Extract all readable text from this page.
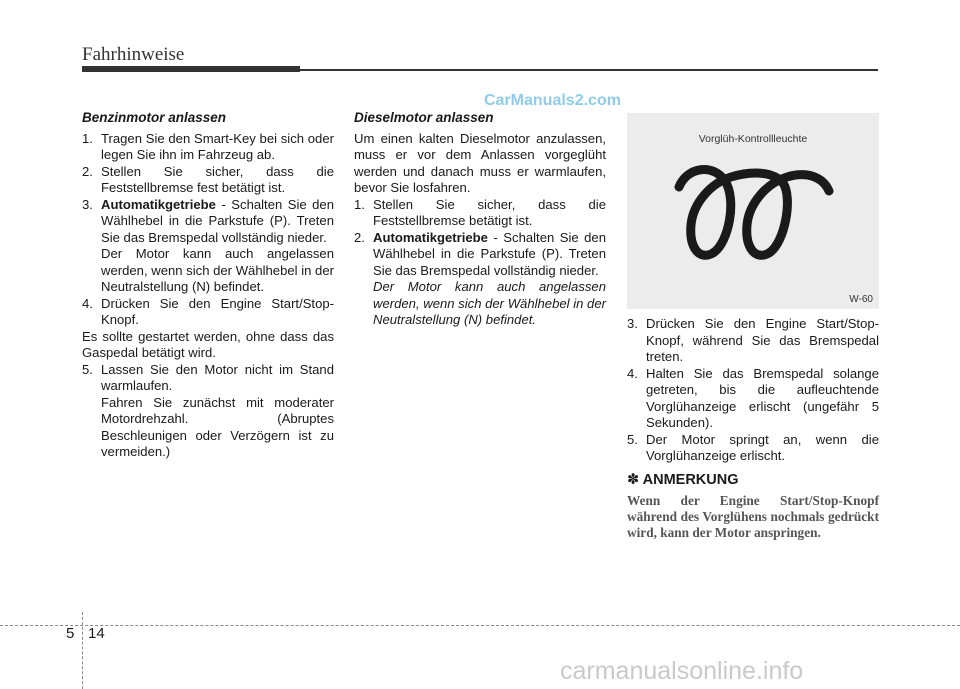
Fahrhinweise
CarManuals2.com
Benzinmotor anlassen
1. Tragen Sie den Smart-Key bei sich oder legen Sie ihn im Fahrzeug ab.
2. Stellen Sie sicher, dass die Feststellbremse fest betätigt ist.
3. Automatikgetriebe - Schalten Sie den Wählhebel in die Parkstufe (P). Treten Sie das Bremspedal vollständig nieder.
Der Motor kann auch angelassen werden, wenn sich der Wählhebel in der Neutralstellung (N) befindet.
4. Drücken Sie den Engine Start/Stop-Knopf.
Es sollte gestartet werden, ohne dass das Gaspedal betätigt wird.
5. Lassen Sie den Motor nicht im Stand warmlaufen.
Fahren Sie zunächst mit moderater Motordrehzahl. (Abruptes Beschleunigen oder Verzögern ist zu vermeiden.)
Dieselmotor anlassen
Um einen kalten Dieselmotor anzulassen, muss er vor dem Anlassen vorgeglüht werden und danach muss er warmlaufen, bevor Sie losfahren.
1. Stellen Sie sicher, dass die Feststellbremse betätigt ist.
2. Automatikgetriebe - Schalten Sie den Wählhebel in die Parkstufe (P). Treten Sie das Bremspedal vollständig nieder.
Der Motor kann auch angelassen werden, wenn sich der Wählhebel in der Neutralstellung (N) befindet.
Vorglüh-Kontrollleuchte
W-60
3. Drücken Sie den Engine Start/Stop-Knopf, während Sie das Bremspedal treten.
4. Halten Sie das Bremspedal solange getreten, bis die aufleuchtende Vorglühanzeige erlischt (ungefähr 5 Sekunden).
5. Der Motor springt an, wenn die Vorglühanzeige erlischt.
✽ ANMERKUNG
Wenn der Engine Start/Stop-Knopf während des Vorglühens nochmals gedrückt wird, kann der Motor anspringen.
5 14
carmanualsonline.info
